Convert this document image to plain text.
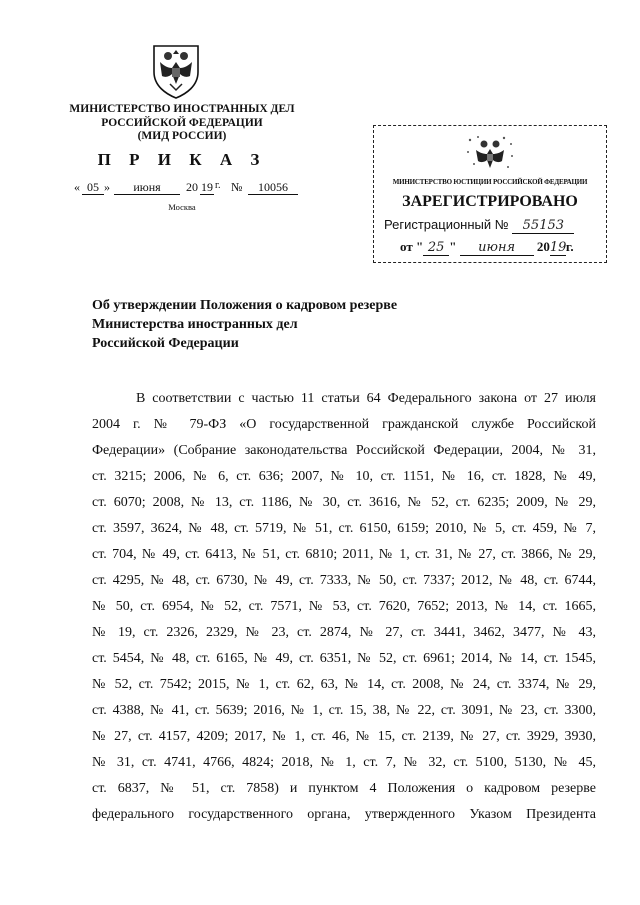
МИНИСТЕРСТВО ИНОСТРАННЫХ ДЕЛ
РОССИЙСКОЙ ФЕДЕРАЦИИ
(МИД РОССИИ)
П Р И К А З
« 05 »	июня	20 19 г. №	10056
Москва
МИНИСТЕРСТВО ЮСТИЦИИ РОССИЙСКОЙ ФЕДЕРАЦИИ
ЗАРЕГИСТРИРОВАНО
Регистрационный № 55153
от " 25 " июня 2019г.
Об утверждении Положения о кадровом резерве
Министерства иностранных дел
Российской Федерации
В соответствии с частью 11 статьи 64 Федерального закона от 27 июля
2004 г. № 79-ФЗ «О государственной гражданской службе Российской
Федерации» (Собрание законодательства Российской Федерации, 2004, № 31,
ст. 3215; 2006, № 6, ст. 636; 2007, № 10, ст. 1151, № 16, ст. 1828, № 49,
ст. 6070; 2008, № 13, ст. 1186, № 30, ст. 3616, № 52, ст. 6235; 2009, № 29,
ст. 3597, 3624, № 48, ст. 5719, № 51, ст. 6150, 6159; 2010, № 5, ст. 459, № 7,
ст. 704, № 49, ст. 6413, № 51, ст. 6810; 2011, № 1, ст. 31, № 27, ст. 3866, № 29,
ст. 4295, № 48, ст. 6730, № 49, ст. 7333, № 50, ст. 7337; 2012, № 48, ст. 6744,
№ 50, ст. 6954, № 52, ст. 7571, № 53, ст. 7620, 7652; 2013, № 14, ст. 1665,
№ 19, ст. 2326, 2329, № 23, ст. 2874, № 27, ст. 3441, 3462, 3477, № 43,
ст. 5454, № 48, ст. 6165, № 49, ст. 6351, № 52, ст. 6961; 2014, № 14, ст. 1545,
№ 52, ст. 7542; 2015, № 1, ст. 62, 63, № 14, ст. 2008, № 24, ст. 3374, № 29,
ст. 4388, № 41, ст. 5639; 2016, № 1, ст. 15, 38, № 22, ст. 3091, № 23, ст. 3300,
№ 27, ст. 4157, 4209; 2017, № 1, ст. 46, № 15, ст. 2139, № 27, ст. 3929, 3930,
№ 31, ст. 4741, 4766, 4824; 2018, № 1, ст. 7, № 32, ст. 5100, 5130, № 45,
ст. 6837, № 51, ст. 7858) и пунктом 4 Положения о кадровом резерве
федерального государственного органа, утвержденного Указом Президента
